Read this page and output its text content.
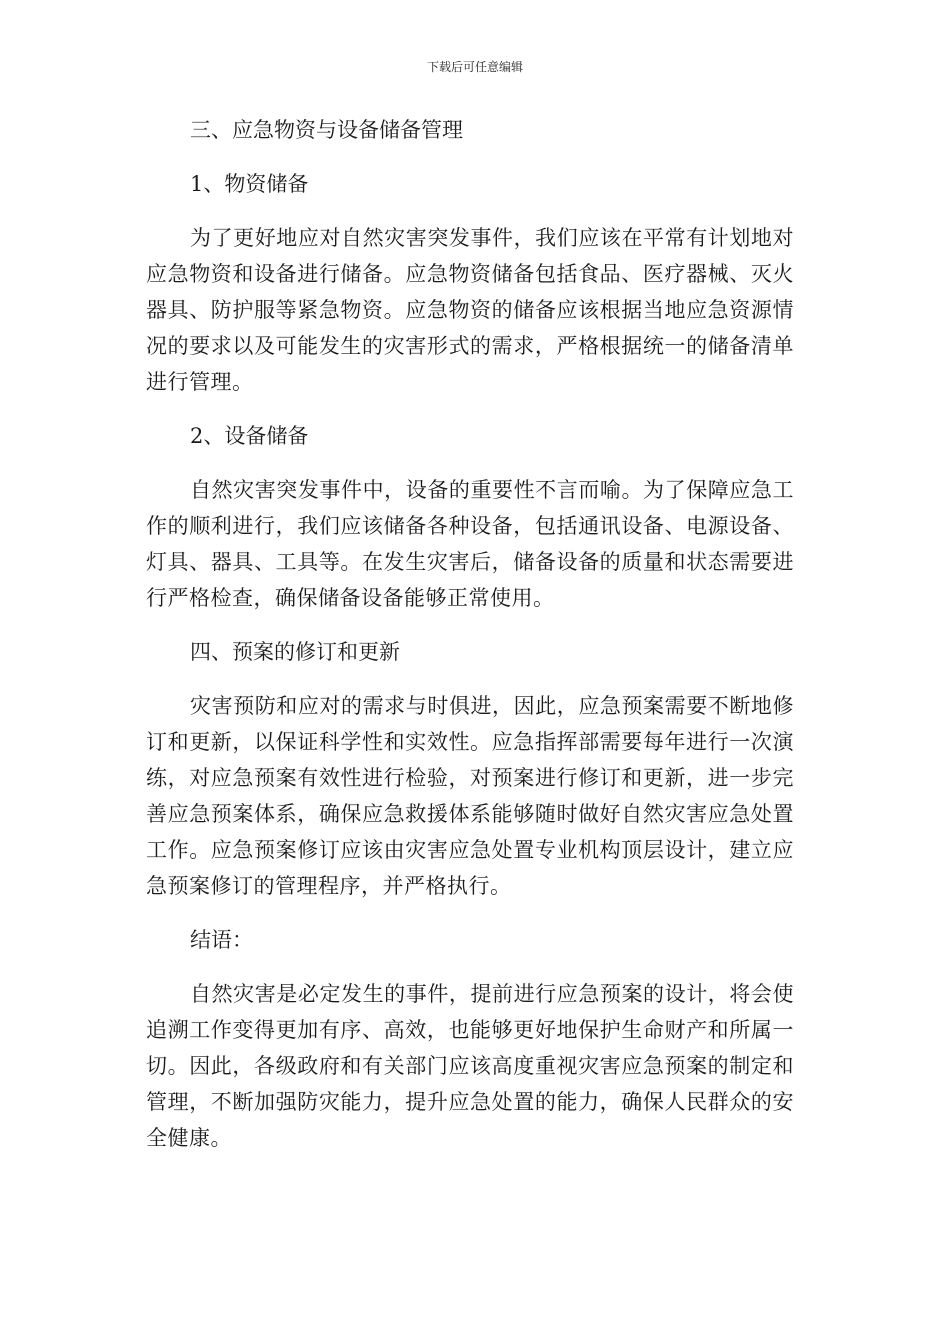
下载后可任意编辑

三、应急物资与设备储备管理

1、物资储备

为了更好地应对自然灾害突发事件，我们应该在平常有计划地对应急物资和设备进行储备。应急物资储备包括食品、医疗器械、灭火器具、防护服等紧急物资。应急物资的储备应该根据当地应急资源情况的要求以及可能发生的灾害形式的需求，严格根据统一的储备清单进行管理。

2、设备储备

自然灾害突发事件中，设备的重要性不言而喻。为了保障应急工作的顺利进行，我们应该储备各种设备，包括通讯设备、电源设备、灯具、器具、工具等。在发生灾害后，储备设备的质量和状态需要进行严格检查，确保储备设备能够正常使用。

四、预案的修订和更新

灾害预防和应对的需求与时俱进，因此，应急预案需要不断地修订和更新，以保证科学性和实效性。应急指挥部需要每年进行一次演练，对应急预案有效性进行检验，对预案进行修订和更新，进一步完善应急预案体系，确保应急救援体系能够随时做好自然灾害应急处置工作。应急预案修订应该由灾害应急处置专业机构顶层设计，建立应急预案修订的管理程序，并严格执行。

结语：

自然灾害是必定发生的事件，提前进行应急预案的设计，将会使追溯工作变得更加有序、高效，也能够更好地保护生命财产和所属一切。因此，各级政府和有关部门应该高度重视灾害应急预案的制定和管理，不断加强防灾能力，提升应急处置的能力，确保人民群众的安全健康。
